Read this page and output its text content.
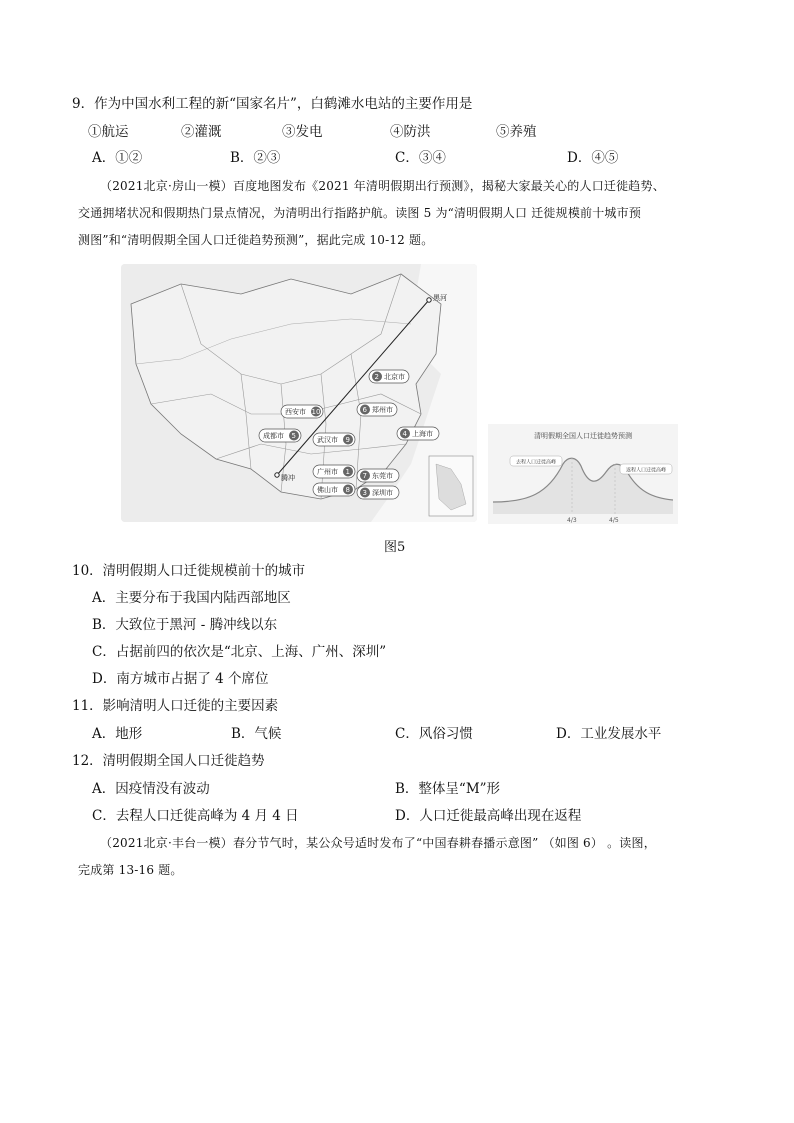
9．作为中国水利工程的新“国家名片”，白鹤滩水电站的主要作用是
①航运	②灌溉	③发电	④防洪	⑤养殖
A．①②	B．②③	C．③④	D．④⑤
（2021北京·房山一模）百度地图发布《2021 年清明假期出行预测》，揭秘大家最关心的人口迁徙趋势、
交通拥堵状况和假期热门景点情况，为清明出行指路护航。读图 5 为“清明假期人口 迁徙规模前十城市预
测图”和“清明假期全国人口迁徙趋势预测”，据此完成 10-12 题。
黑河
腾冲
2 北京市
6 郑州市
10
西安市
5
成都市	9
武汉市
4 上海市
1
广州市	7 东莞市
8
佛山市	3 深圳市
清明假期全国人口迁徙趋势预测
去程人口迁徙高峰
返程人口迁徙高峰
4/3	4/5
图5
10．清明假期人口迁徙规模前十的城市
A．主要分布于我国内陆西部地区
B．大致位于黑河 - 腾冲线以东
C．占据前四的依次是“北京、上海、广州、深圳”
D．南方城市占据了 4 个席位
11．影响清明人口迁徙的主要因素
A．地形	B．气候	C．风俗习惯	D．工业发展水平
12．清明假期全国人口迁徙趋势
A．因疫情没有波动	B．整体呈“M”形
C．去程人口迁徙高峰为 4 月 4 日	D．人口迁徙最高峰出现在返程
（2021北京·丰台一模）春分节气时，某公众号适时发布了“中国春耕春播示意图” （如图 6） 。读图，
完成第 13-16 题。
